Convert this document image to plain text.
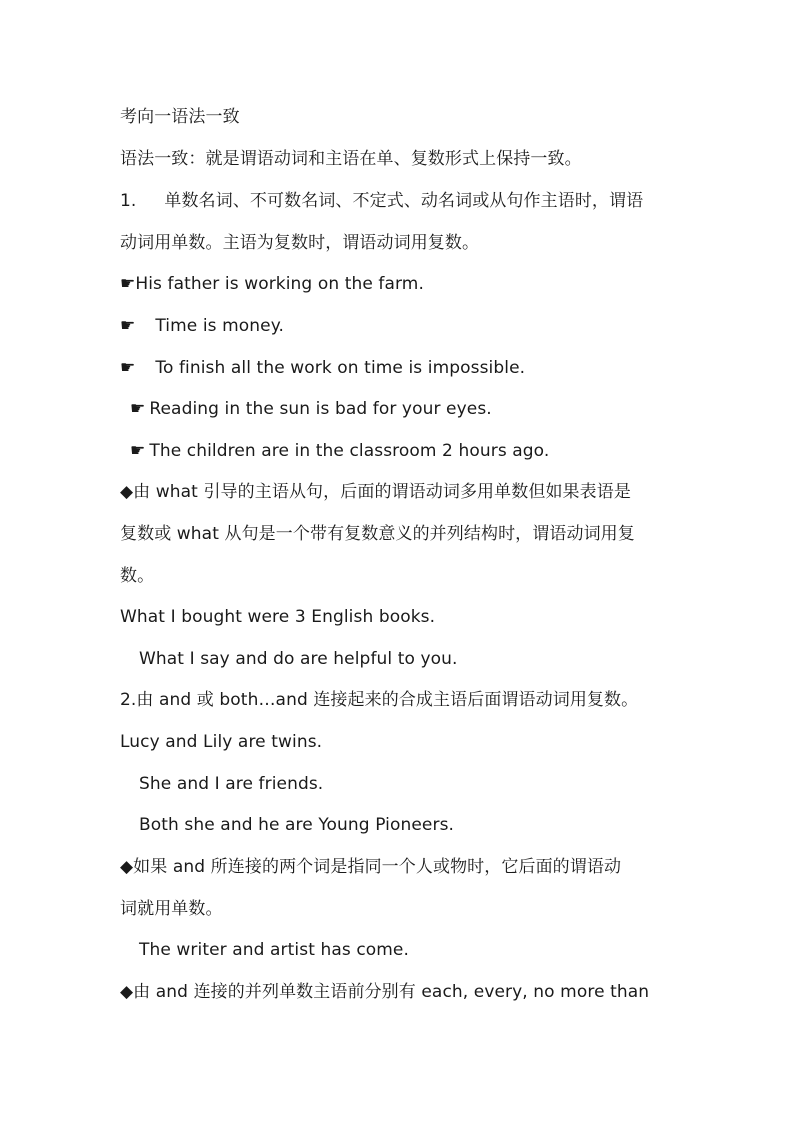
考向一语法一致
语法一致：就是谓语动词和主语在单、复数形式上保持一致。
1. 单数名词、不可数名词、不定式、动名词或从句作主语时，谓语
动词用单数。主语为复数时，谓语动词用复数。
☛His father is working on the farm.
☛ Time is money.
☛ To finish all the work on time is impossible.
☛ Reading in the sun is bad for your eyes.
☛ The children are in the classroom 2 hours ago.
◆由 what 引导的主语从句，后面的谓语动词多用单数但如果表语是
复数或 what 从句是一个带有复数意义的并列结构时，谓语动词用复
数。
What I bought were 3 English books.
What I say and do are helpful to you.
2.由 and 或 both…and 连接起来的合成主语后面谓语动词用复数。
Lucy and Lily are twins.
She and I are friends.
Both she and he are Young Pioneers.
◆如果 and 所连接的两个词是指同一个人或物时，它后面的谓语动
词就用单数。
The writer and artist has come.
◆由 and 连接的并列单数主语前分别有 each, every, no more than
